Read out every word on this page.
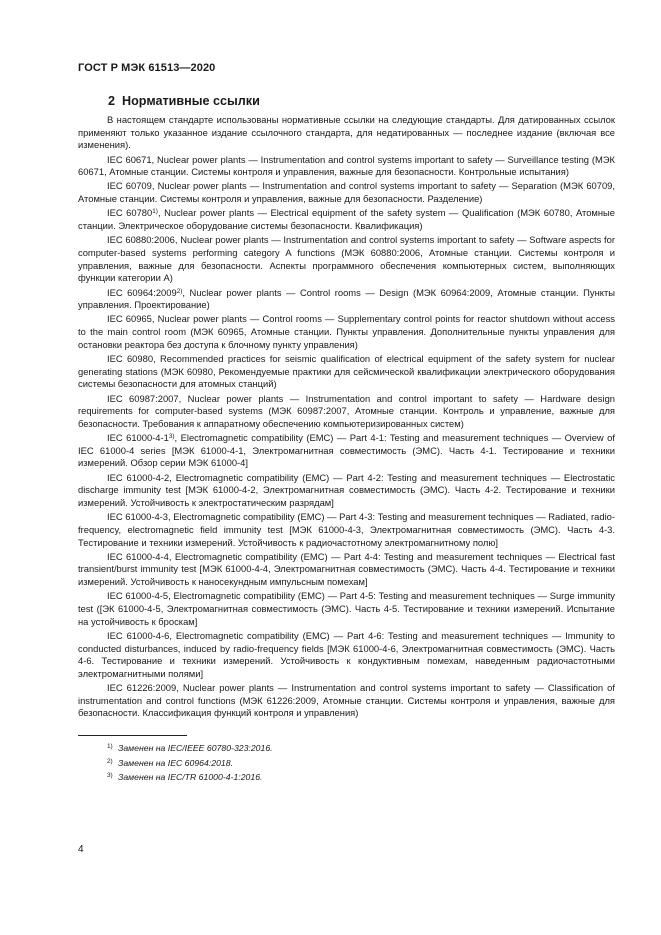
ГОСТ Р МЭК 61513—2020
2 Нормативные ссылки

В настоящем стандарте использованы нормативные ссылки на следующие стандарты. Для датированных ссылок применяют только указанное издание ссылочного стандарта, для недатированных — последнее издание (включая все изменения).

IEC 60671, Nuclear power plants — Instrumentation and control systems important to safety — Surveillance testing (МЭК 60671, Атомные станции. Системы контроля и управления, важные для безопасности. Контрольные испытания)

IEC 60709, Nuclear power plants — Instrumentation and control systems important to safety — Separation (МЭК 60709, Атомные станции. Системы контроля и управления, важные для безопасности. Разделение)

IEC 60780$^{1)}$, Nuclear power plants — Electrical equipment of the safety system — Qualification (МЭК 60780, Атомные станции. Электрическое оборудование системы безопасности. Квалификация)

IEC 60880:2006, Nuclear power plants — Instrumentation and control systems important to safety — Software aspects for computer-based systems performing category A functions (МЭК 60880:2006, Атомные станции. Системы контроля и управления, важные для безопасности. Аспекты программного обеспечения компьютерных систем, выполняющих функции категории A)

IEC 60964:2009$^{2)}$, Nuclear power plants — Control rooms — Design (МЭК 60964:2009, Атомные станции. Пункты управления. Проектирование)

IEC 60965, Nuclear power plants — Control rooms — Supplementary control points for reactor shutdown without access to the main control room (МЭК 60965, Атомные станции. Пункты управления. Дополнительные пункты управления для остановки реактора без доступа к блочному пункту управления)

IEC 60980, Recommended practices for seismic qualification of electrical equipment of the safety system for nuclear generating stations (МЭК 60980, Рекомендуемые практики для сейсмической квалификации электрического оборудования системы безопасности для атомных станций)

IEC 60987:2007, Nuclear power plants — Instrumentation and control important to safety — Hardware design requirements for computer-based systems (МЭК 60987:2007, Атомные станции. Контроль и управление, важные для безопасности. Требования к аппаратному обеспечению компьютеризированных систем)

IEC 61000-4-1$^{3)}$, Electromagnetic compatibility (EMC) — Part 4-1: Testing and measurement techniques — Overview of IEC 61000-4 series [МЭК 61000-4-1, Электромагнитная совместимость (ЭМС). Часть 4-1. Тестирование и техники измерений. Обзор серии МЭК 61000-4]

IEC 61000-4-2, Electromagnetic compatibility (EMC) — Part 4-2: Testing and measurement techniques — Electrostatic discharge immunity test [МЭК 61000-4-2, Электромагнитная совместимость (ЭМС). Часть 4-2. Тестирование и техники измерений. Устойчивость к электростатическим разрядам]

IEC 61000-4-3, Electromagnetic compatibility (EMC) — Part 4-3: Testing and measurement techniques — Radiated, radio-frequency, electromagnetic field immunity test [МЭК 61000-4-3, Электромагнитная совместимость (ЭМС). Часть 4-3. Тестирование и техники измерений. Устойчивость к радиочастотному электромагнитному полю]

IEC 61000-4-4, Electromagnetic compatibility (EMC) — Part 4-4: Testing and measurement techniques — Electrical fast transient/burst immunity test [МЭК 61000-4-4, Электромагнитная совместимость (ЭМС). Часть 4-4. Тестирование и техники измерений. Устойчивость к наносекундным импульсным помехам]

IEC 61000-4-5, Electromagnetic compatibility (EMC) — Part 4-5: Testing and measurement techniques — Surge immunity test ([ЭК 61000-4-5, Электромагнитная совместимость (ЭМС). Часть 4-5. Тестирование и техники измерений. Испытание на устойчивость к броскам]

IEC 61000-4-6, Electromagnetic compatibility (EMC) — Part 4-6: Testing and measurement techniques — Immunity to conducted disturbances, induced by radio-frequency fields [МЭК 61000-4-6, Электромагнитная совместимость (ЭМС). Часть 4-6. Тестирование и техники измерений. Устойчивость к кондуктивным помехам, наведенным радиочастотными электромагнитными полями]

IEC 61226:2009, Nuclear power plants — Instrumentation and control systems important to safety — Classification of instrumentation and control functions (МЭК 61226:2009, Атомные станции. Системы контроля и управления, важные для безопасности. Классификация функций контроля и управления)

1) Заменен на IEC/IEEE 60780-323:2016.
2) Заменен на IEC 60964:2018.
3) Заменен на IEC/TR 61000-4-1:2016.
4
